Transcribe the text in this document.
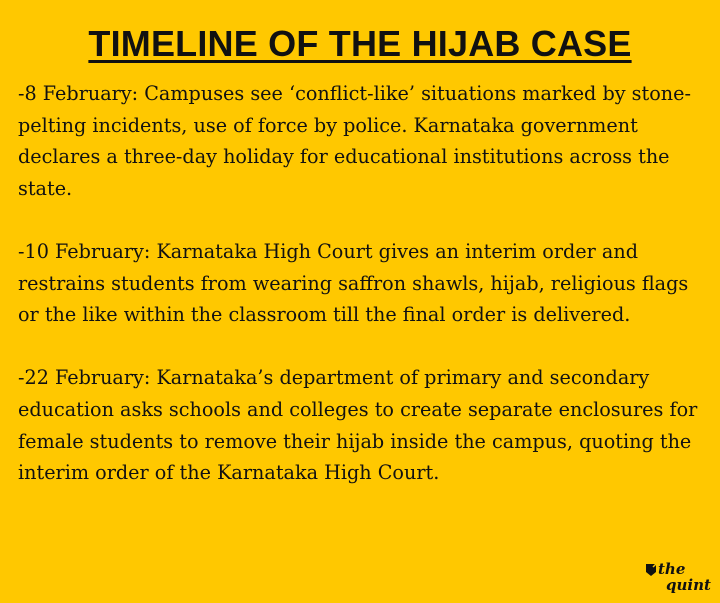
TIMELINE OF THE HIJAB CASE

-8 February: Campuses see ‘conflict-like’ situations marked by stone-pelting incidents, use of force by police. Karnataka government declares a three-day holiday for educational institutions across the state.

-10 February: Karnataka High Court gives an interim order and restrains students from wearing saffron shawls, hijab, religious flags or the like within the classroom till the final order is delivered.

-22 February: Karnataka’s department of primary and secondary education asks schools and colleges to create separate enclosures for female students to remove their hijab inside the campus, quoting the interim order of the Karnataka High Court.

the
quint
